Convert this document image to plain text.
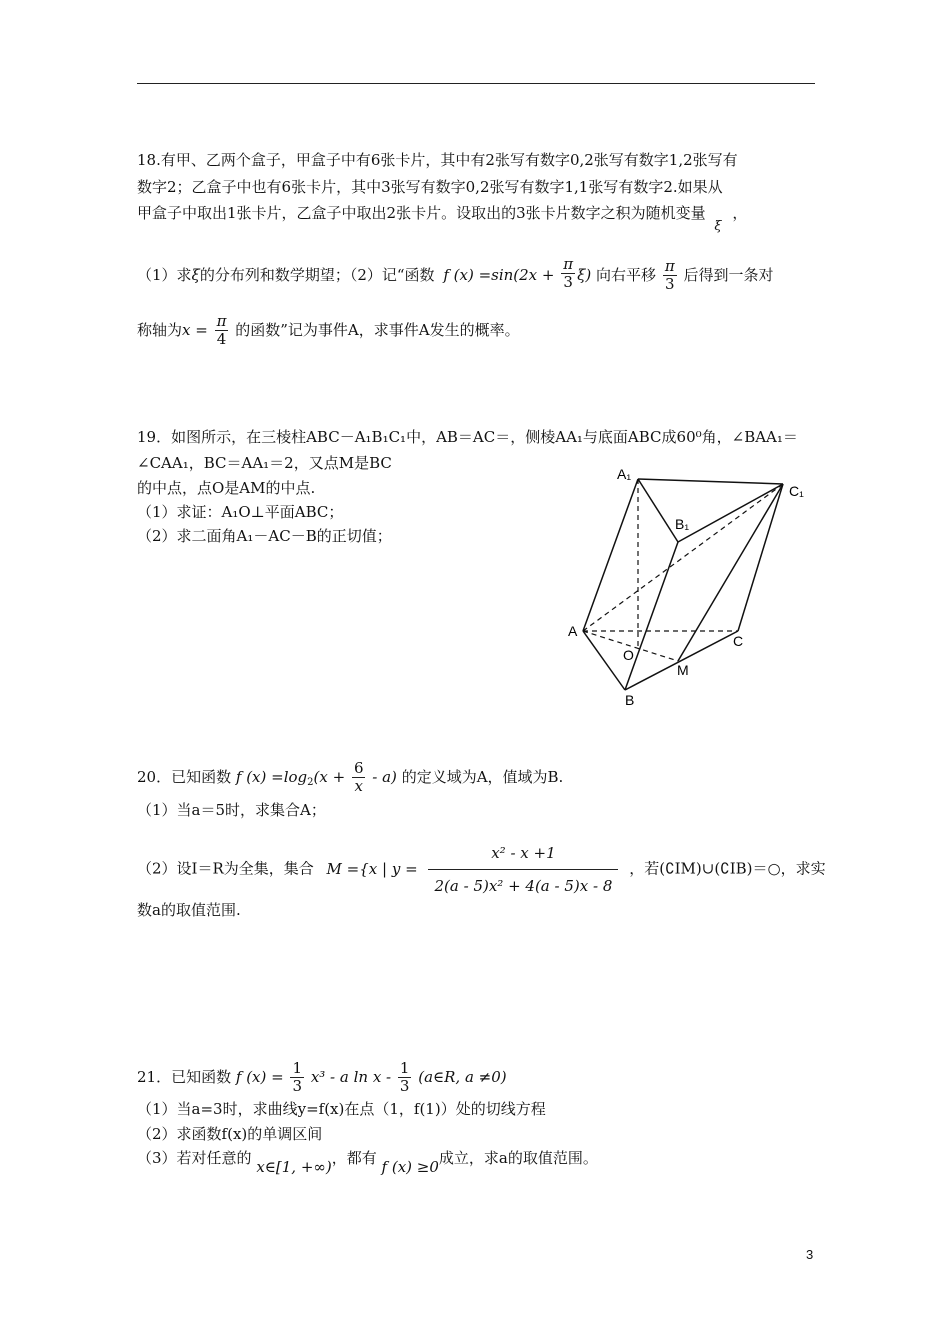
18.有甲、乙两个盒子，甲盒子中有6张卡片，其中有2张写有数字0,2张写有数字1,2张写有
数字2；乙盒子中也有6张卡片，其中3张写有数字0,2张写有数字1,1张写有数字2.如果从
甲盒子中取出1张卡片，乙盒子中取出2张卡片。设取出的3张卡片数字之积为随机变量 ξ ，
（1）求ξ的分布列和数学期望；（2）记“函数 f $(x) =\sin(2x + \frac{\pi}{3} \xi)$ 向右平移 $\frac{\pi}{3}$ 后得到一条对
称轴为$x = \frac{\pi}{4}$ 的函数”记为事件A，求事件A发生的概率。
19．如图所示，在三棱柱ABC－A₁B₁C₁中，AB＝AC＝，侧棱AA₁与底面ABC成60⁰角，∠BAA₁＝
∠CAA₁，BC＝AA₁＝2，又点M是BC
的中点，点O是AM的中点.
（1）求证：A₁O⊥平面ABC；
（2）求二面角A₁－AC－B的正切值；
A₁
C₁
B₁
A
C
O
M
B
20．已知函数 f $(x) =\log_2(x + \frac{6}{x} - a)$ 的定义域为A，值域为B.
（1）当a＝5时，求集合A；
（2）设I＝R为全集，集合 M ={x | $y = \frac{\text{x² - x +1}}{\text{2(a - 5)x² + 4(a - 5)x - 8}}$ ，若(∁IM)∪(∁IB)＝○，求实
数a的取值范围.
21．已知函数 f $(x) = \frac{1}{3} x^3 - a$ ln x - $\frac{1}{3}$ (a∈R, a ≠0)
（1）当a=3时，求曲线y=f(x)在点（1，f(1)）处的切线方程
（2）求函数f(x)的单调区间
（3）若对任意的 x∈[1, +∞)，都有 f (x) ≥0成立，求a的取值范围。
3
